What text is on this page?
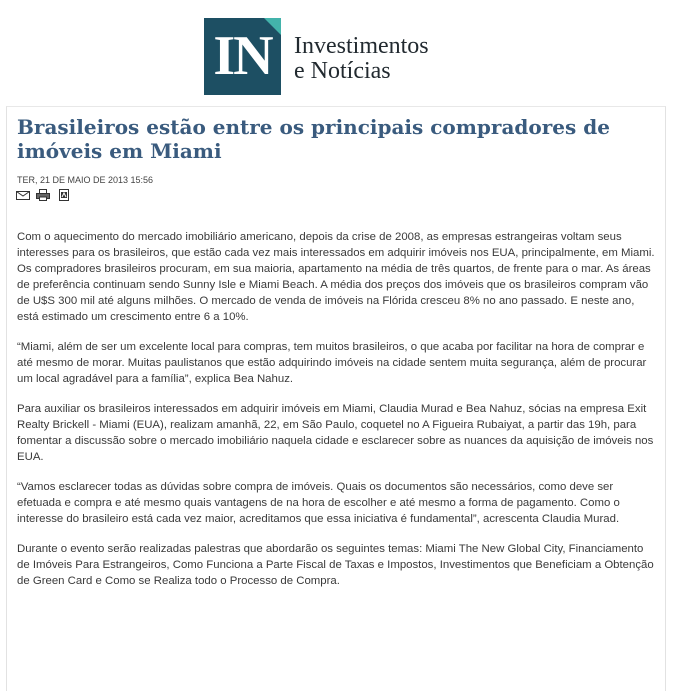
IN Investimentos
e Notícias
Brasileiros estão entre os principais compradores de imóveis em Miami
TER, 21 DE MAIO DE 2013 15:56

Com o aquecimento do mercado imobiliário americano, depois da crise de 2008, as empresas estrangeiras voltam seus interesses para os brasileiros, que estão cada vez mais interessados em adquirir imóveis nos EUA, principalmente, em Miami. Os compradores brasileiros procuram, em sua maioria, apartamento na média de três quartos, de frente para o mar. As áreas de preferência continuam sendo Sunny Isle e Miami Beach. A média dos preços dos imóveis que os brasileiros compram vão de U$S 300 mil até alguns milhões. O mercado de venda de imóveis na Flórida cresceu 8% no ano passado. E neste ano, está estimado um crescimento entre 6 a 10%.

“Miami, além de ser um excelente local para compras, tem muitos brasileiros, o que acaba por facilitar na hora de comprar e até mesmo de morar. Muitas paulistanos que estão adquirindo imóveis na cidade sentem muita segurança, além de procurar um local agradável para a família”, explica Bea Nahuz.

Para auxiliar os brasileiros interessados em adquirir imóveis em Miami, Claudia Murad e Bea Nahuz, sócias na empresa Exit Realty Brickell - Miami (EUA), realizam amanhã, 22, em São Paulo, coquetel no A Figueira Rubaiyat, a partir das 19h, para fomentar a discussão sobre o mercado imobiliário naquela cidade e esclarecer sobre as nuances da aquisição de imóveis nos EUA.

“Vamos esclarecer todas as dúvidas sobre compra de imóveis. Quais os documentos são necessários, como deve ser efetuada e compra e até mesmo quais vantagens de na hora de escolher e até mesmo a forma de pagamento. Como o interesse do brasileiro está cada vez maior, acreditamos que essa iniciativa é fundamental”, acrescenta Claudia Murad.

Durante o evento serão realizadas palestras que abordarão os seguintes temas: Miami The New Global City, Financiamento de Imóveis Para Estrangeiros, Como Funciona a Parte Fiscal de Taxas e Impostos, Investimentos que Beneficiam a Obtenção de Green Card e Como se Realiza todo o Processo de Compra.
